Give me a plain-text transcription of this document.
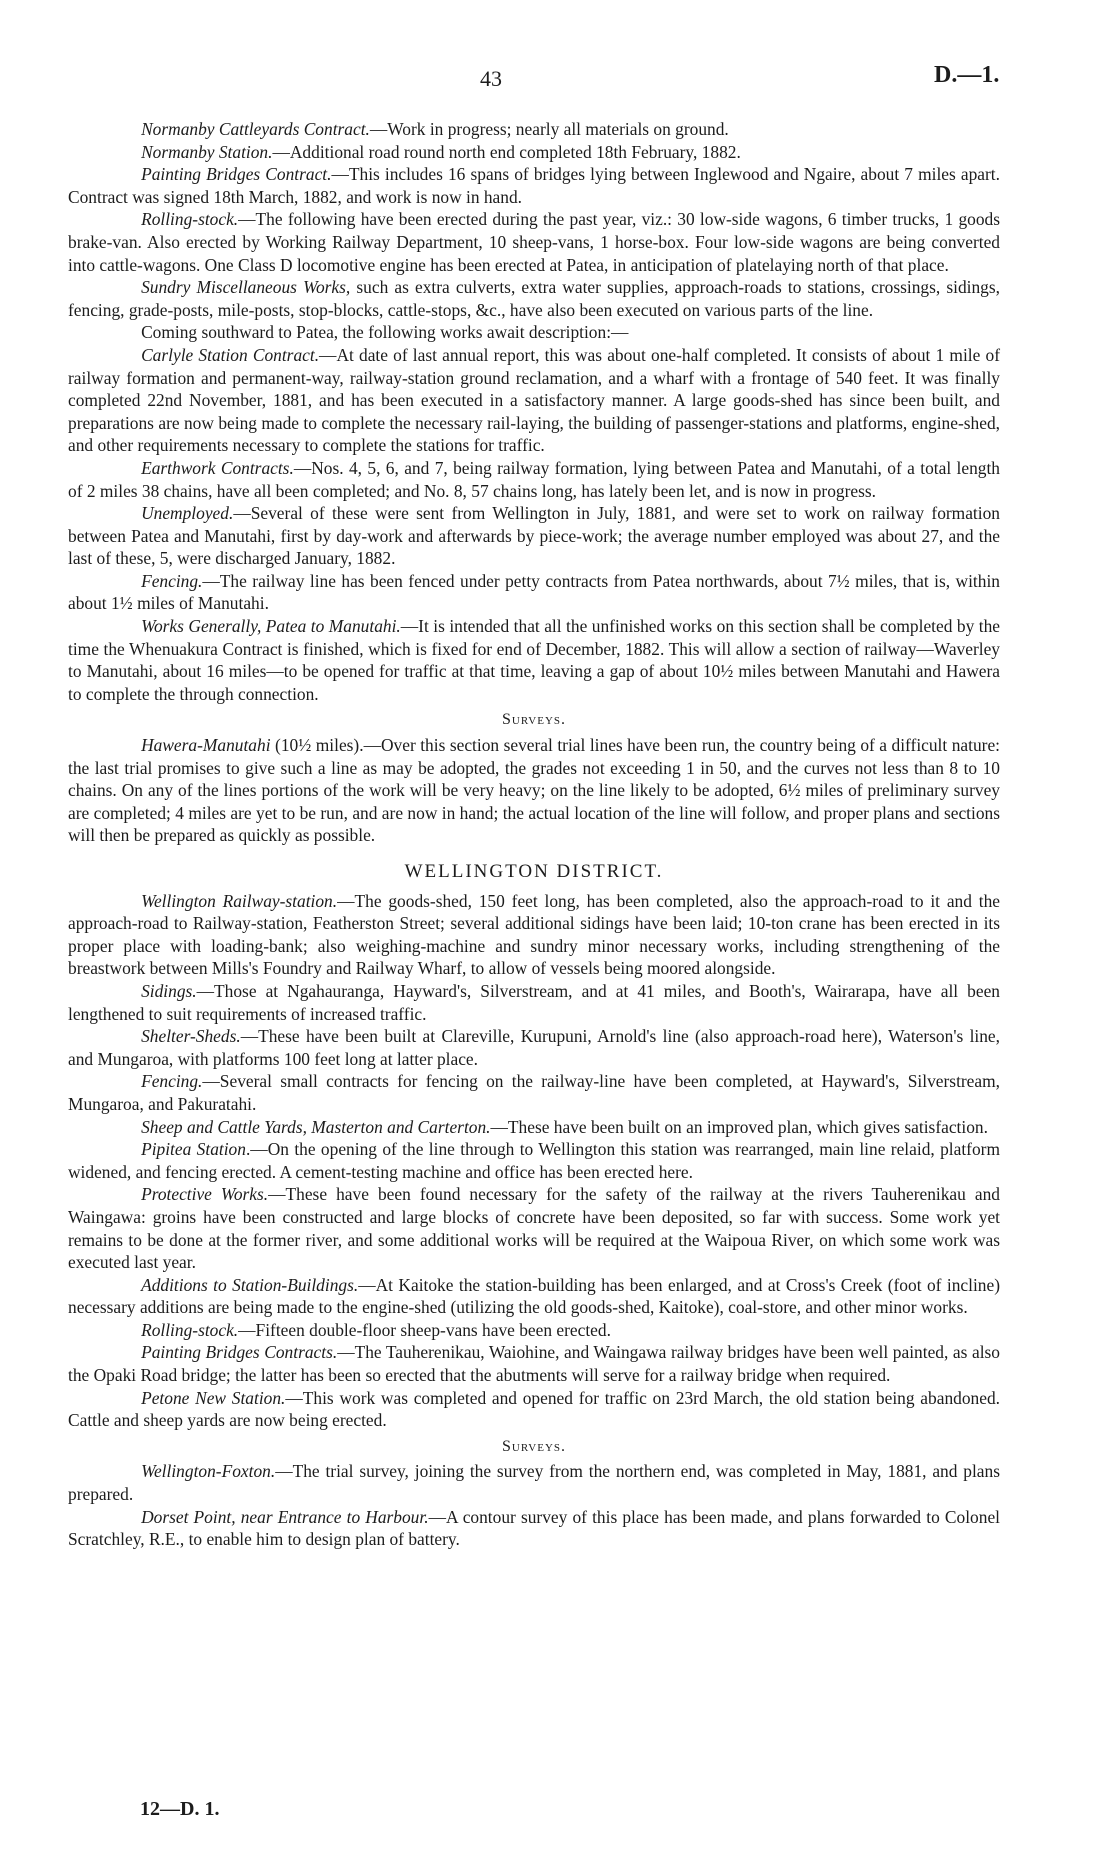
43	D.—1.

Normanby Cattleyards Contract.—Work in progress; nearly all materials on ground.

Normanby Station.—Additional road round north end completed 18th February, 1882.

Painting Bridges Contract.—This includes 16 spans of bridges lying between Inglewood and Ngaire, about 7 miles apart. Contract was signed 18th March, 1882, and work is now in hand.

Rolling-stock.—The following have been erected during the past year, viz.: 30 low-side wagons, 6 timber trucks, 1 goods brake-van. Also erected by Working Railway Department, 10 sheep-vans, 1 horse-box. Four low-side wagons are being converted into cattle-wagons. One Class D locomotive engine has been erected at Patea, in anticipation of platelaying north of that place.

Sundry Miscellaneous Works, such as extra culverts, extra water supplies, approach-roads to stations, crossings, sidings, fencing, grade-posts, mile-posts, stop-blocks, cattle-stops, &c., have also been executed on various parts of the line.

Coming southward to Patea, the following works await description:—

Carlyle Station Contract.—At date of last annual report, this was about one-half completed. It consists of about 1 mile of railway formation and permanent-way, railway-station ground reclamation, and a wharf with a frontage of 540 feet. It was finally completed 22nd November, 1881, and has been executed in a satisfactory manner. A large goods-shed has since been built, and preparations are now being made to complete the necessary rail-laying, the building of passenger-stations and platforms, engine-shed, and other requirements necessary to complete the stations for traffic.

Earthwork Contracts.—Nos. 4, 5, 6, and 7, being railway formation, lying between Patea and Manutahi, of a total length of 2 miles 38 chains, have all been completed; and No. 8, 57 chains long, has lately been let, and is now in progress.

Unemployed.—Several of these were sent from Wellington in July, 1881, and were set to work on railway formation between Patea and Manutahi, first by day-work and afterwards by piece-work; the average number employed was about 27, and the last of these, 5, were discharged January, 1882.

Fencing.—The railway line has been fenced under petty contracts from Patea northwards, about 7½ miles, that is, within about 1½ miles of Manutahi.

Works Generally, Patea to Manutahi.—It is intended that all the unfinished works on this section shall be completed by the time the Whenuakura Contract is finished, which is fixed for end of December, 1882. This will allow a section of railway—Waverley to Manutahi, about 16 miles—to be opened for traffic at that time, leaving a gap of about 10½ miles between Manutahi and Hawera to complete the through connection.

Surveys.

Hawera-Manutahi (10½ miles).—Over this section several trial lines have been run, the country being of a difficult nature: the last trial promises to give such a line as may be adopted, the grades not exceeding 1 in 50, and the curves not less than 8 to 10 chains. On any of the lines portions of the work will be very heavy; on the line likely to be adopted, 6½ miles of preliminary survey are completed; 4 miles are yet to be run, and are now in hand; the actual location of the line will follow, and proper plans and sections will then be prepared as quickly as possible.

WELLINGTON DISTRICT.

Wellington Railway-station.—The goods-shed, 150 feet long, has been completed, also the approach-road to it and the approach-road to Railway-station, Featherston Street; several additional sidings have been laid; 10-ton crane has been erected in its proper place with loading-bank; also weighing-machine and sundry minor necessary works, including strengthening of the breastwork between Mills's Foundry and Railway Wharf, to allow of vessels being moored alongside.

Sidings.—Those at Ngahauranga, Hayward's, Silverstream, and at 41 miles, and Booth's, Wairarapa, have all been lengthened to suit requirements of increased traffic.

Shelter-Sheds.—These have been built at Clareville, Kurupuni, Arnold's line (also approach-road here), Waterson's line, and Mungaroa, with platforms 100 feet long at latter place.

Fencing.—Several small contracts for fencing on the railway-line have been completed, at Hayward's, Silverstream, Mungaroa, and Pakuratahi.

Sheep and Cattle Yards, Masterton and Carterton.—These have been built on an improved plan, which gives satisfaction.

Pipitea Station.—On the opening of the line through to Wellington this station was rearranged, main line relaid, platform widened, and fencing erected. A cement-testing machine and office has been erected here.

Protective Works.—These have been found necessary for the safety of the railway at the rivers Tauherenikau and Waingawa: groins have been constructed and large blocks of concrete have been deposited, so far with success. Some work yet remains to be done at the former river, and some additional works will be required at the Waipoua River, on which some work was executed last year.

Additions to Station-Buildings.—At Kaitoke the station-building has been enlarged, and at Cross's Creek (foot of incline) necessary additions are being made to the engine-shed (utilizing the old goods-shed, Kaitoke), coal-store, and other minor works.

Rolling-stock.—Fifteen double-floor sheep-vans have been erected.

Painting Bridges Contracts.—The Tauherenikau, Waiohine, and Waingawa railway bridges have been well painted, as also the Opaki Road bridge; the latter has been so erected that the abutments will serve for a railway bridge when required.

Petone New Station.—This work was completed and opened for traffic on 23rd March, the old station being abandoned. Cattle and sheep yards are now being erected.

Surveys.

Wellington-Foxton.—The trial survey, joining the survey from the northern end, was completed in May, 1881, and plans prepared.

Dorset Point, near Entrance to Harbour.—A contour survey of this place has been made, and plans forwarded to Colonel Scratchley, R.E., to enable him to design plan of battery.

12—D. 1.
